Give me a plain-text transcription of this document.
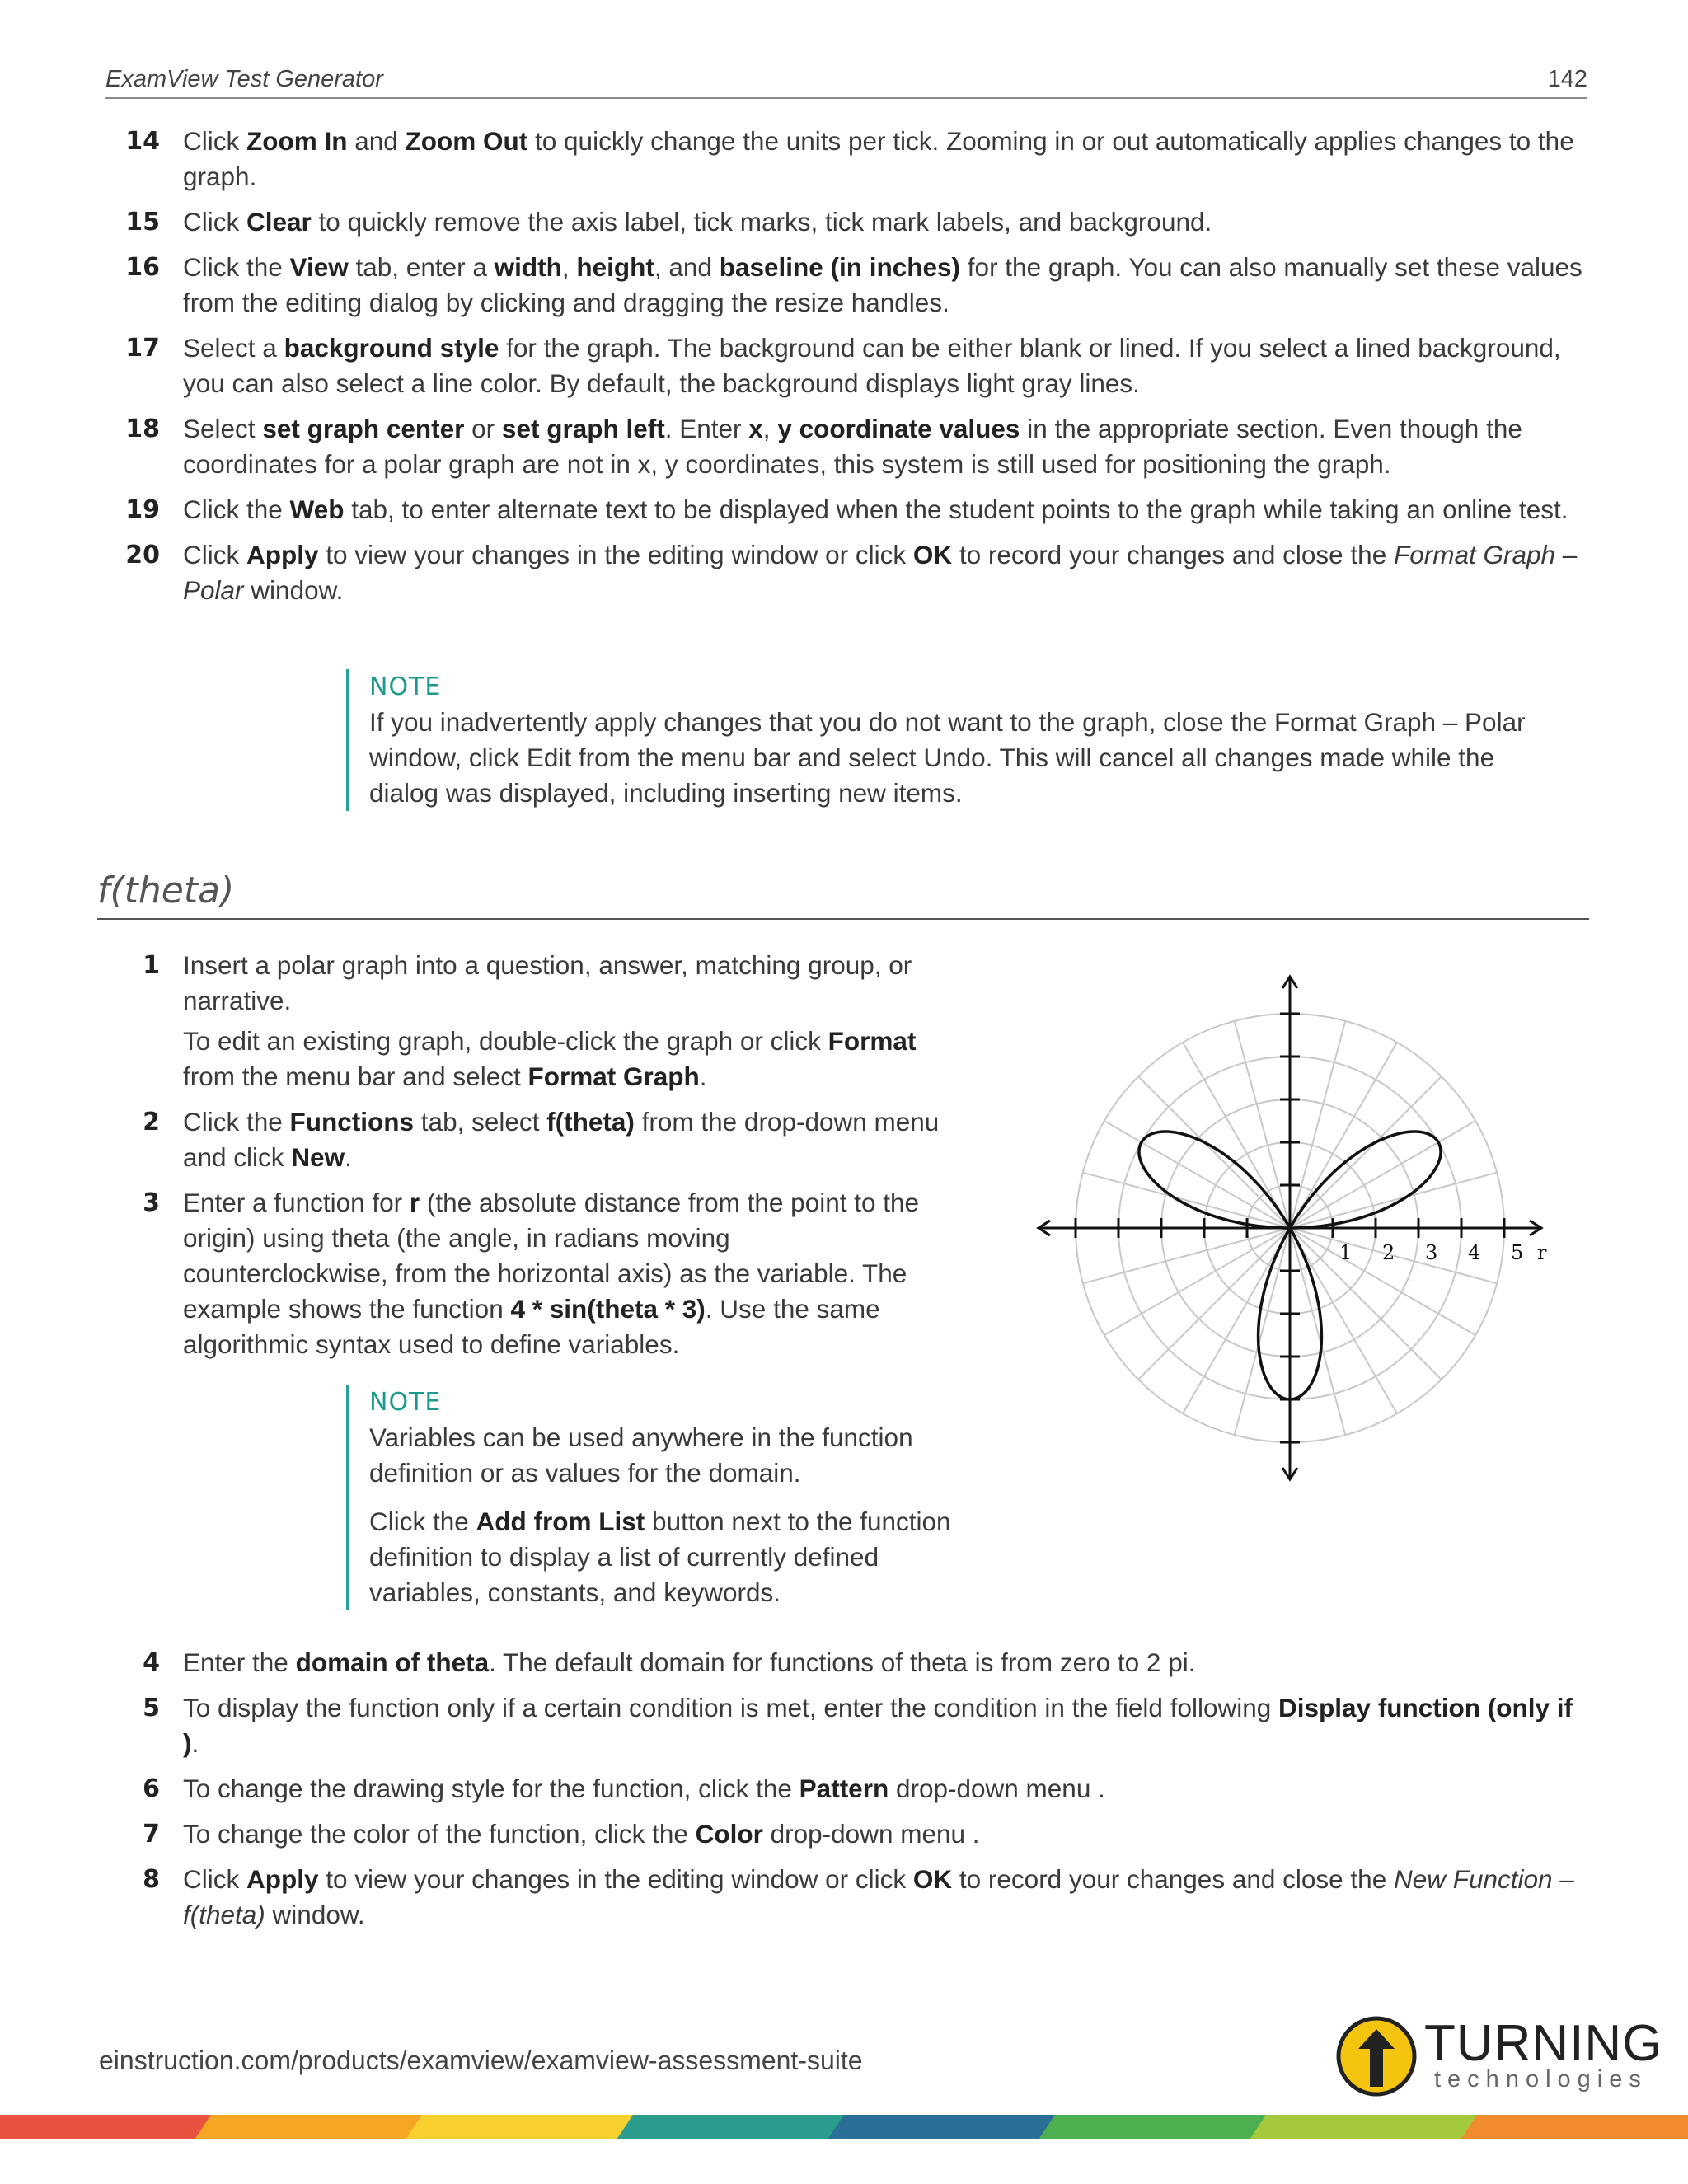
ExamView Test Generator	142
14 Click Zoom In and Zoom Out to quickly change the units per tick. Zooming in or out automatically applies changes to the graph.

15 Click Clear to quickly remove the axis label, tick marks, tick mark labels, and background.

16 Click the View tab, enter a width, height, and baseline (in inches) for the graph. You can also manually set these values from the editing dialog by clicking and dragging the resize handles.

17 Select a background style for the graph. The background can be either blank or lined. If you select a lined background, you can also select a line color. By default, the background displays light gray lines.

18 Select set graph center or set graph left. Enter x, y coordinate values in the appropriate section. Even though the coordinates for a polar graph are not in x, y coordinates, this system is still used for positioning the graph.

19 Click the Web tab, to enter alternate text to be displayed when the student points to the graph while taking an online test.

20 Click Apply to view your changes in the editing window or click OK to record your changes and close the Format Graph – Polar window.

NOTE

If you inadvertently apply changes that you do not want to the graph, close the Format Graph – Polar window, click Edit from the menu bar and select Undo. This will cancel all changes made while the dialog was displayed, including inserting new items.

f(theta)
1 Insert a polar graph into a question, answer, matching group, or narrative.

To edit an existing graph, double-click the graph or click Format from the menu bar and select Format Graph.

2 Click the Functions tab, select f(theta) from the drop-down menu and click New.

3 Enter a function for r (the absolute distance from the point to the origin) using theta (the angle, in radians moving counterclockwise, from the horizontal axis) as the variable. The example shows the function 4 * sin(theta * 3). Use the same algorithmic syntax used to define variables.

NOTE

Variables can be used anywhere in the function definition or as values for the domain.

Click the Add from List button next to the function definition to display a list of currently defined variables, constants, and keywords.

1 2 3 4 5 r
4 Enter the domain of theta. The default domain for functions of theta is from zero to 2 pi.

5 To display the function only if a certain condition is met, enter the condition in the field following Display function (only if ).

6 To change the drawing style for the function, click the Pattern drop-down menu .

7 To change the color of the function, click the Color drop-down menu .

8 Click Apply to view your changes in the editing window or click OK to record your changes and close the New Function – f(theta) window.

einstruction.com/products/examview/examview-assessment-suite	TURNING
technologies
